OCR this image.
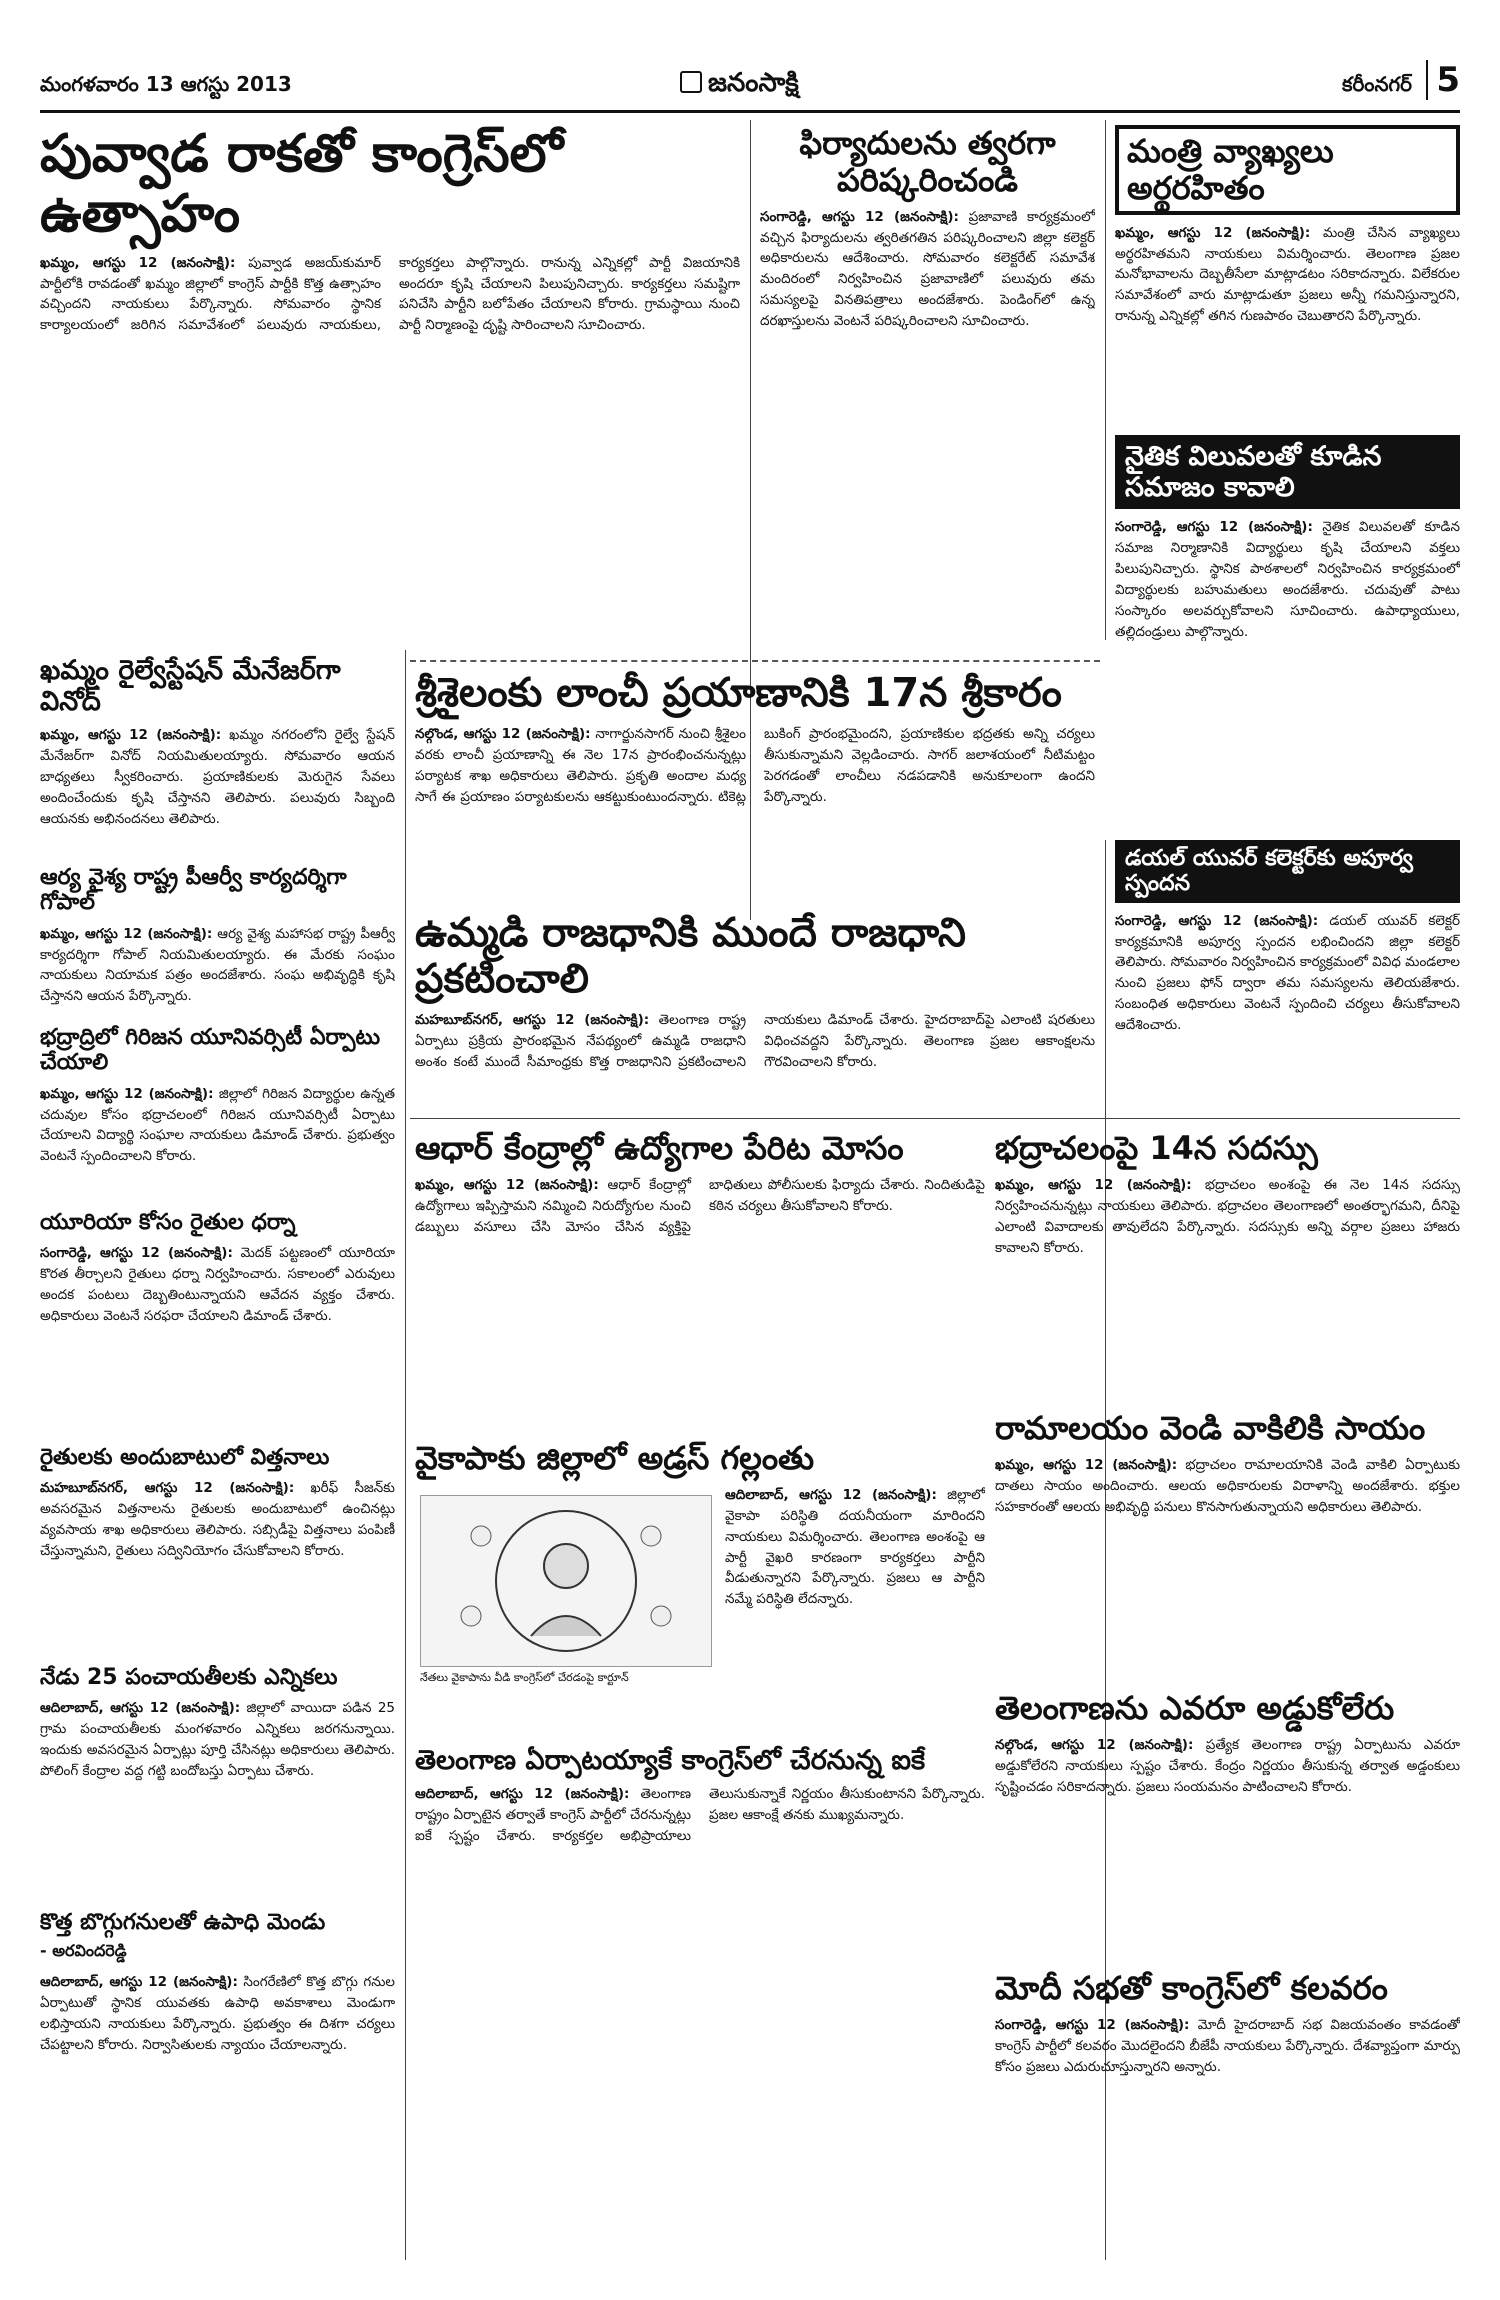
మంగళవారం 13 ఆగస్టు 2013	జనంసాక్షి	కరీంనగర్ 5
పువ్వాడ రాకతో కాంగ్రెస్‌లో ఉత్సాహం
ఖమ్మం, ఆగస్టు 12 (జనంసాక్షి): పువ్వాడ అజయ్‌కుమార్ పార్టీలోకి రావడంతో ఖమ్మం జిల్లాలో కాంగ్రెస్ పార్టీకి కొత్త ఉత్సాహం వచ్చిందని నాయకులు పేర్కొన్నారు. సోమవారం స్థానిక కార్యాలయంలో జరిగిన సమావేశంలో పలువురు నాయకులు, కార్యకర్తలు పాల్గొన్నారు. రానున్న ఎన్నికల్లో పార్టీ విజయానికి అందరూ కృషి చేయాలని పిలుపునిచ్చారు. కార్యకర్తలు సమష్టిగా పనిచేసి పార్టీని బలోపేతం చేయాలని కోరారు. గ్రామస్థాయి నుంచి పార్టీ నిర్మాణంపై దృష్టి సారించాలని సూచించారు.
ఫిర్యాదులను త్వరగా పరిష్కరించండి
సంగారెడ్డి, ఆగస్టు 12 (జనంసాక్షి): ప్రజావాణి కార్యక్రమంలో వచ్చిన ఫిర్యాదులను త్వరితగతిన పరిష్కరించాలని జిల్లా కలెక్టర్ అధికారులను ఆదేశించారు. సోమవారం కలెక్టరేట్ సమావేశ మందిరంలో నిర్వహించిన ప్రజావాణిలో పలువురు తమ సమస్యలపై వినతిపత్రాలు అందజేశారు. పెండింగ్‌లో ఉన్న దరఖాస్తులను వెంటనే పరిష్కరించాలని సూచించారు.
మంత్రి వ్యాఖ్యలు అర్థరహితం
ఖమ్మం, ఆగస్టు 12 (జనంసాక్షి): మంత్రి చేసిన వ్యాఖ్యలు అర్థరహితమని నాయకులు విమర్శించారు. తెలంగాణ ప్రజల మనోభావాలను దెబ్బతీసేలా మాట్లాడటం సరికాదన్నారు. విలేకరుల సమావేశంలో వారు మాట్లాడుతూ ప్రజలు అన్నీ గమనిస్తున్నారని, రానున్న ఎన్నికల్లో తగిన గుణపాఠం చెబుతారని పేర్కొన్నారు.
నైతిక విలువలతో కూడిన సమాజం కావాలి
సంగారెడ్డి, ఆగస్టు 12 (జనంసాక్షి): నైతిక విలువలతో కూడిన సమాజ నిర్మాణానికి విద్యార్థులు కృషి చేయాలని వక్తలు పిలుపునిచ్చారు. స్థానిక పాఠశాలలో నిర్వహించిన కార్యక్రమంలో విద్యార్థులకు బహుమతులు అందజేశారు. చదువుతో పాటు సంస్కారం అలవర్చుకోవాలని సూచించారు. ఉపాధ్యాయులు, తల్లిదండ్రులు పాల్గొన్నారు.
డయల్ యువర్ కలెక్టర్‌కు అపూర్వ స్పందన
సంగారెడ్డి, ఆగస్టు 12 (జనంసాక్షి): డయల్ యువర్ కలెక్టర్ కార్యక్రమానికి అపూర్వ స్పందన లభించిందని జిల్లా కలెక్టర్ తెలిపారు. సోమవారం నిర్వహించిన కార్యక్రమంలో వివిధ మండలాల నుంచి ప్రజలు ఫోన్ ద్వారా తమ సమస్యలను తెలియజేశారు. సంబంధిత అధికారులు వెంటనే స్పందించి చర్యలు తీసుకోవాలని ఆదేశించారు.
ఖమ్మం రైల్వేస్టేషన్ మేనేజర్‌గా వినోద్
ఖమ్మం, ఆగస్టు 12 (జనంసాక్షి): ఖమ్మం నగరంలోని రైల్వే స్టేషన్ మేనేజర్‌గా వినోద్ నియమితులయ్యారు. సోమవారం ఆయన బాధ్యతలు స్వీకరించారు. ప్రయాణికులకు మెరుగైన సేవలు అందించేందుకు కృషి చేస్తానని తెలిపారు. పలువురు సిబ్బంది ఆయనకు అభినందనలు తెలిపారు.
ఆర్య వైశ్య రాష్ట్ర పీఆర్వీ కార్యదర్శిగా గోపాల్
ఖమ్మం, ఆగస్టు 12 (జనంసాక్షి): ఆర్య వైశ్య మహాసభ రాష్ట్ర పీఆర్వీ కార్యదర్శిగా గోపాల్ నియమితులయ్యారు. ఈ మేరకు సంఘం నాయకులు నియామక పత్రం అందజేశారు. సంఘ అభివృద్ధికి కృషి చేస్తానని ఆయన పేర్కొన్నారు.
భద్రాద్రిలో గిరిజన యూనివర్సిటీ ఏర్పాటు చేయాలి
ఖమ్మం, ఆగస్టు 12 (జనంసాక్షి): జిల్లాలో గిరిజన విద్యార్థుల ఉన్నత చదువుల కోసం భద్రాచలంలో గిరిజన యూనివర్సిటీ ఏర్పాటు చేయాలని విద్యార్థి సంఘాల నాయకులు డిమాండ్ చేశారు. ప్రభుత్వం వెంటనే స్పందించాలని కోరారు.
యూరియా కోసం రైతుల ధర్నా
సంగారెడ్డి, ఆగస్టు 12 (జనంసాక్షి): మెదక్ పట్టణంలో యూరియా కొరత తీర్చాలని రైతులు ధర్నా నిర్వహించారు. సకాలంలో ఎరువులు అందక పంటలు దెబ్బతింటున్నాయని ఆవేదన వ్యక్తం చేశారు. అధికారులు వెంటనే సరఫరా చేయాలని డిమాండ్ చేశారు.
రైతులకు అందుబాటులో విత్తనాలు
మహబూబ్‌నగర్, ఆగస్టు 12 (జనంసాక్షి): ఖరీఫ్ సీజన్‌కు అవసరమైన విత్తనాలను రైతులకు అందుబాటులో ఉంచినట్లు వ్యవసాయ శాఖ అధికారులు తెలిపారు. సబ్సిడీపై విత్తనాలు పంపిణీ చేస్తున్నామని, రైతులు సద్వినియోగం చేసుకోవాలని కోరారు.
నేడు 25 పంచాయతీలకు ఎన్నికలు
ఆదిలాబాద్, ఆగస్టు 12 (జనంసాక్షి): జిల్లాలో వాయిదా పడిన 25 గ్రామ పంచాయతీలకు మంగళవారం ఎన్నికలు జరగనున్నాయి. ఇందుకు అవసరమైన ఏర్పాట్లు పూర్తి చేసినట్లు అధికారులు తెలిపారు. పోలింగ్ కేంద్రాల వద్ద గట్టి బందోబస్తు ఏర్పాటు చేశారు.
కొత్త బొగ్గుగనులతో ఉపాధి మెండు
- అరవిందరెడ్డి
ఆదిలాబాద్, ఆగస్టు 12 (జనంసాక్షి): సింగరేణిలో కొత్త బొగ్గు గనుల ఏర్పాటుతో స్థానిక యువతకు ఉపాధి అవకాశాలు మెండుగా లభిస్తాయని నాయకులు పేర్కొన్నారు. ప్రభుత్వం ఈ దిశగా చర్యలు చేపట్టాలని కోరారు. నిర్వాసితులకు న్యాయం చేయాలన్నారు.
శ్రీశైలంకు లాంచీ ప్రయాణానికి 17న శ్రీకారం
నల్గొండ, ఆగస్టు 12 (జనంసాక్షి): నాగార్జునసాగర్ నుంచి శ్రీశైలం వరకు లాంచీ ప్రయాణాన్ని ఈ నెల 17న ప్రారంభించనున్నట్లు పర్యాటక శాఖ అధికారులు తెలిపారు. ప్రకృతి అందాల మధ్య సాగే ఈ ప్రయాణం పర్యాటకులను ఆకట్టుకుంటుందన్నారు. టికెట్ల బుకింగ్ ప్రారంభమైందని, ప్రయాణికుల భద్రతకు అన్ని చర్యలు తీసుకున్నామని వెల్లడించారు. సాగర్ జలాశయంలో నీటిమట్టం పెరగడంతో లాంచీలు నడపడానికి అనుకూలంగా ఉందని పేర్కొన్నారు.
ఉమ్మడి రాజధానికి ముందే రాజధాని ప్రకటించాలి
మహబూబ్‌నగర్, ఆగస్టు 12 (జనంసాక్షి): తెలంగాణ రాష్ట్ర ఏర్పాటు ప్రక్రియ ప్రారంభమైన నేపథ్యంలో ఉమ్మడి రాజధాని అంశం కంటే ముందే సీమాంధ్రకు కొత్త రాజధానిని ప్రకటించాలని నాయకులు డిమాండ్ చేశారు. హైదరాబాద్‌పై ఎలాంటి షరతులు విధించవద్దని పేర్కొన్నారు. తెలంగాణ ప్రజల ఆకాంక్షలను గౌరవించాలని కోరారు.
ఆధార్ కేంద్రాల్లో ఉద్యోగాల పేరిట మోసం
ఖమ్మం, ఆగస్టు 12 (జనంసాక్షి): ఆధార్ కేంద్రాల్లో ఉద్యోగాలు ఇప్పిస్తామని నమ్మించి నిరుద్యోగుల నుంచి డబ్బులు వసూలు చేసి మోసం చేసిన వ్యక్తిపై బాధితులు పోలీసులకు ఫిర్యాదు చేశారు. నిందితుడిపై కఠిన చర్యలు తీసుకోవాలని కోరారు.
భద్రాచలంపై 14న సదస్సు
ఖమ్మం, ఆగస్టు 12 (జనంసాక్షి): భద్రాచలం అంశంపై ఈ నెల 14న సదస్సు నిర్వహించనున్నట్లు నాయకులు తెలిపారు. భద్రాచలం తెలంగాణలో అంతర్భాగమని, దీనిపై ఎలాంటి వివాదాలకు తావులేదని పేర్కొన్నారు. సదస్సుకు అన్ని వర్గాల ప్రజలు హాజరు కావాలని కోరారు.
వైకాపాకు జిల్లాలో అడ్రస్ గల్లంతు
ఆదిలాబాద్, ఆగస్టు 12 (జనంసాక్షి): జిల్లాలో వైకాపా పరిస్థితి దయనీయంగా మారిందని నాయకులు విమర్శించారు. తెలంగాణ అంశంపై ఆ పార్టీ వైఖరి కారణంగా కార్యకర్తలు పార్టీని వీడుతున్నారని పేర్కొన్నారు. ప్రజలు ఆ పార్టీని నమ్మే పరిస్థితి లేదన్నారు.
నేతలు వైకాపాను వీడి కాంగ్రెస్‌లో చేరడంపై కార్టూన్
రామాలయం వెండి వాకిలికి సాయం
ఖమ్మం, ఆగస్టు 12 (జనంసాక్షి): భద్రాచలం రామాలయానికి వెండి వాకిలి ఏర్పాటుకు దాతలు సాయం అందించారు. ఆలయ అధికారులకు విరాళాన్ని అందజేశారు. భక్తుల సహకారంతో ఆలయ అభివృద్ధి పనులు కొనసాగుతున్నాయని అధికారులు తెలిపారు.
తెలంగాణను ఎవరూ అడ్డుకోలేరు
నల్గొండ, ఆగస్టు 12 (జనంసాక్షి): ప్రత్యేక తెలంగాణ రాష్ట్ర ఏర్పాటును ఎవరూ అడ్డుకోలేరని నాయకులు స్పష్టం చేశారు. కేంద్రం నిర్ణయం తీసుకున్న తర్వాత అడ్డంకులు సృష్టించడం సరికాదన్నారు. ప్రజలు సంయమనం పాటించాలని కోరారు.
తెలంగాణ ఏర్పాటయ్యాకే కాంగ్రెస్‌లో చేరనున్న ఐకే
ఆదిలాబాద్, ఆగస్టు 12 (జనంసాక్షి): తెలంగాణ రాష్ట్రం ఏర్పాటైన తర్వాతే కాంగ్రెస్ పార్టీలో చేరనున్నట్లు ఐకే స్పష్టం చేశారు. కార్యకర్తల అభిప్రాయాలు తెలుసుకున్నాకే నిర్ణయం తీసుకుంటానని పేర్కొన్నారు. ప్రజల ఆకాంక్షే తనకు ముఖ్యమన్నారు.
మోదీ సభతో కాంగ్రెస్‌లో కలవరం
సంగారెడ్డి, ఆగస్టు 12 (జనంసాక్షి): మోదీ హైదరాబాద్ సభ విజయవంతం కావడంతో కాంగ్రెస్ పార్టీలో కలవరం మొదలైందని బీజేపీ నాయకులు పేర్కొన్నారు. దేశవ్యాప్తంగా మార్పు కోసం ప్రజలు ఎదురుచూస్తున్నారని అన్నారు.
